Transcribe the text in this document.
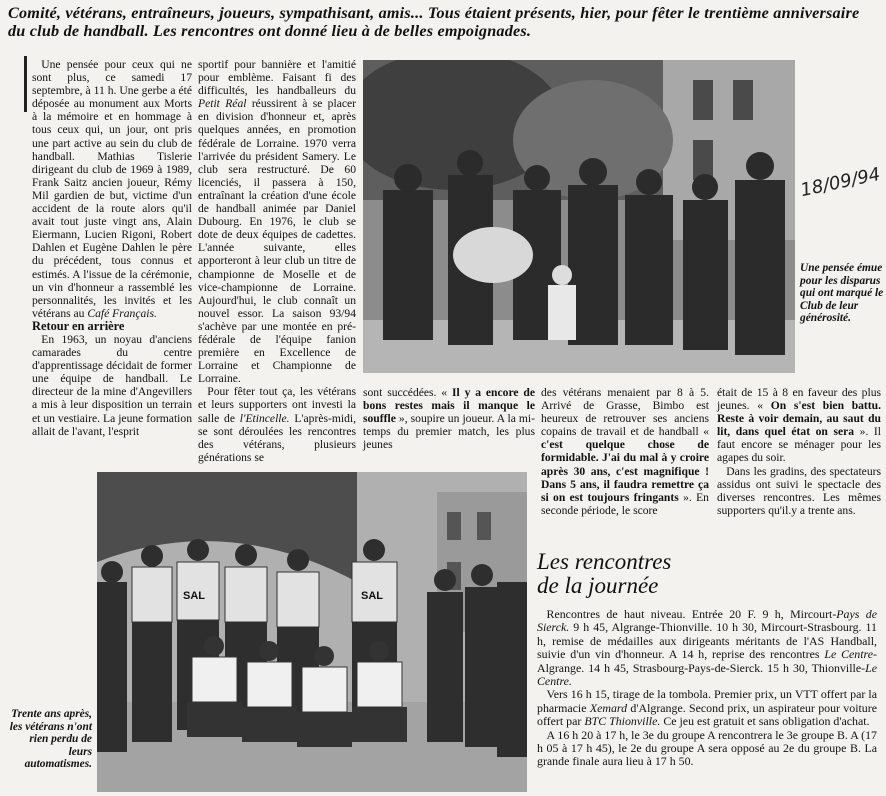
Comité, vétérans, entraîneurs, joueurs, sympathisant, amis... Tous étaient présents, hier, pour fêter le trentième anniversaire du club de handball. Les rencontres ont donné lieu à de belles empoignades.

Une pensée pour ceux qui ne sont plus, ce samedi 17 septembre, à 11 h. Une gerbe a été déposée au monument aux Morts à la mémoire et en hommage à tous ceux qui, un jour, ont pris une part active au sein du club de handball. Mathias Tislerie dirigeant du club de 1969 à 1989, Frank Saitz ancien joueur, Rémy Mil gardien de but, victime d'un accident de la route alors qu'il avait tout juste vingt ans, Alain Eiermann, Lucien Rigoni, Robert Dahlen et Eugène Dahlen le père du précédent, tous connus et estimés. A l'issue de la cérémonie, un vin d'honneur a rassemblé les personnalités, les invités et les vétérans au Café Français.

Retour en arrière

En 1963, un noyau d'anciens camarades du centre d'apprentissage décidait de former une équipe de handball. Le directeur de la mine d'Angevillers a mis à leur disposition un terrain et un vestiaire. La jeune formation allait de l'avant, l'esprit

sportif pour bannière et l'amitié pour emblème. Faisant fi des difficultés, les handballeurs du Petit Réal réussirent à se placer en division d'honneur et, après quelques années, en promotion fédérale de Lorraine. 1970 verra l'arrivée du président Samery. Le club sera restructuré. De 60 licenciés, il passera à 150, entraînant la création d'une école de handball animée par Daniel Dubourg. En 1976, le club se dote de deux équipes de cadettes. L'année suivante, elles apporteront à leur club un titre de championne de Moselle et de vice-championne de Lorraine. Aujourd'hui, le club connaît un nouvel essor. La saison 93/94 s'achève par une montée en pré-fédérale de l'équipe fanion première en Excellence de Lorraine et Championne de Lorraine.

Pour fêter tout ça, les vétérans et leurs supporters ont investi la salle de l'Etincelle. L'après-midi, se sont déroulées les rencontres des vétérans, plusieurs générations se

18/09/94
Une pensée émue pour les disparus qui ont marqué le Club de leur générosité.

sont succédées. « Il y a encore de bons restes mais il manque le souffle », soupire un joueur. A la mi-temps du premier match, les plus jeunes

des vétérans menaient par 8 à 5. Arrivé de Grasse, Bimbo est heureux de retrouver ses anciens copains de travail et de handball « c'est quelque chose de formidable. J'ai du mal à y croire après 30 ans, c'est magnifique ! Dans 5 ans, il faudra remettre ça si on est toujours fringants ». En seconde période, le score

était de 15 à 8 en faveur des plus jeunes. « On s'est bien battu. Reste à voir demain, au saut du lit, dans quel état on sera ». Il faut encore se ménager pour les agapes du soir.

Dans les gradins, des spectateurs assidus ont suivi le spectacle des diverses rencontres. Les mêmes supporters qu'il.y a trente ans.

SAL	SAL
Trente ans après, les vétérans n'ont rien perdu de leurs automatismes.
Les rencontres
de la journée

Rencontres de haut niveau. Entrée 20 F. 9 h, Mircourt-Pays de Sierck. 9 h 45, Algrange-Thionville. 10 h 30, Mircourt-Strasbourg. 11 h, remise de médailles aux dirigeants méritants de l'AS Handball, suivie d'un vin d'honneur. A 14 h, reprise des rencontres Le Centre-Algrange. 14 h 45, Strasbourg-Pays-de-Sierck. 15 h 30, Thionville-Le Centre.

Vers 16 h 15, tirage de la tombola. Premier prix, un VTT offert par la pharmacie Xemard d'Algrange. Second prix, un aspirateur pour voiture offert par BTC Thionville. Ce jeu est gratuit et sans obligation d'achat.

A 16 h 20 à 17 h, le 3e du groupe A rencontrera le 3e groupe B. A (17 h 05 à 17 h 45), le 2e du groupe A sera opposé au 2e du groupe B. La grande finale aura lieu à 17 h 50.
